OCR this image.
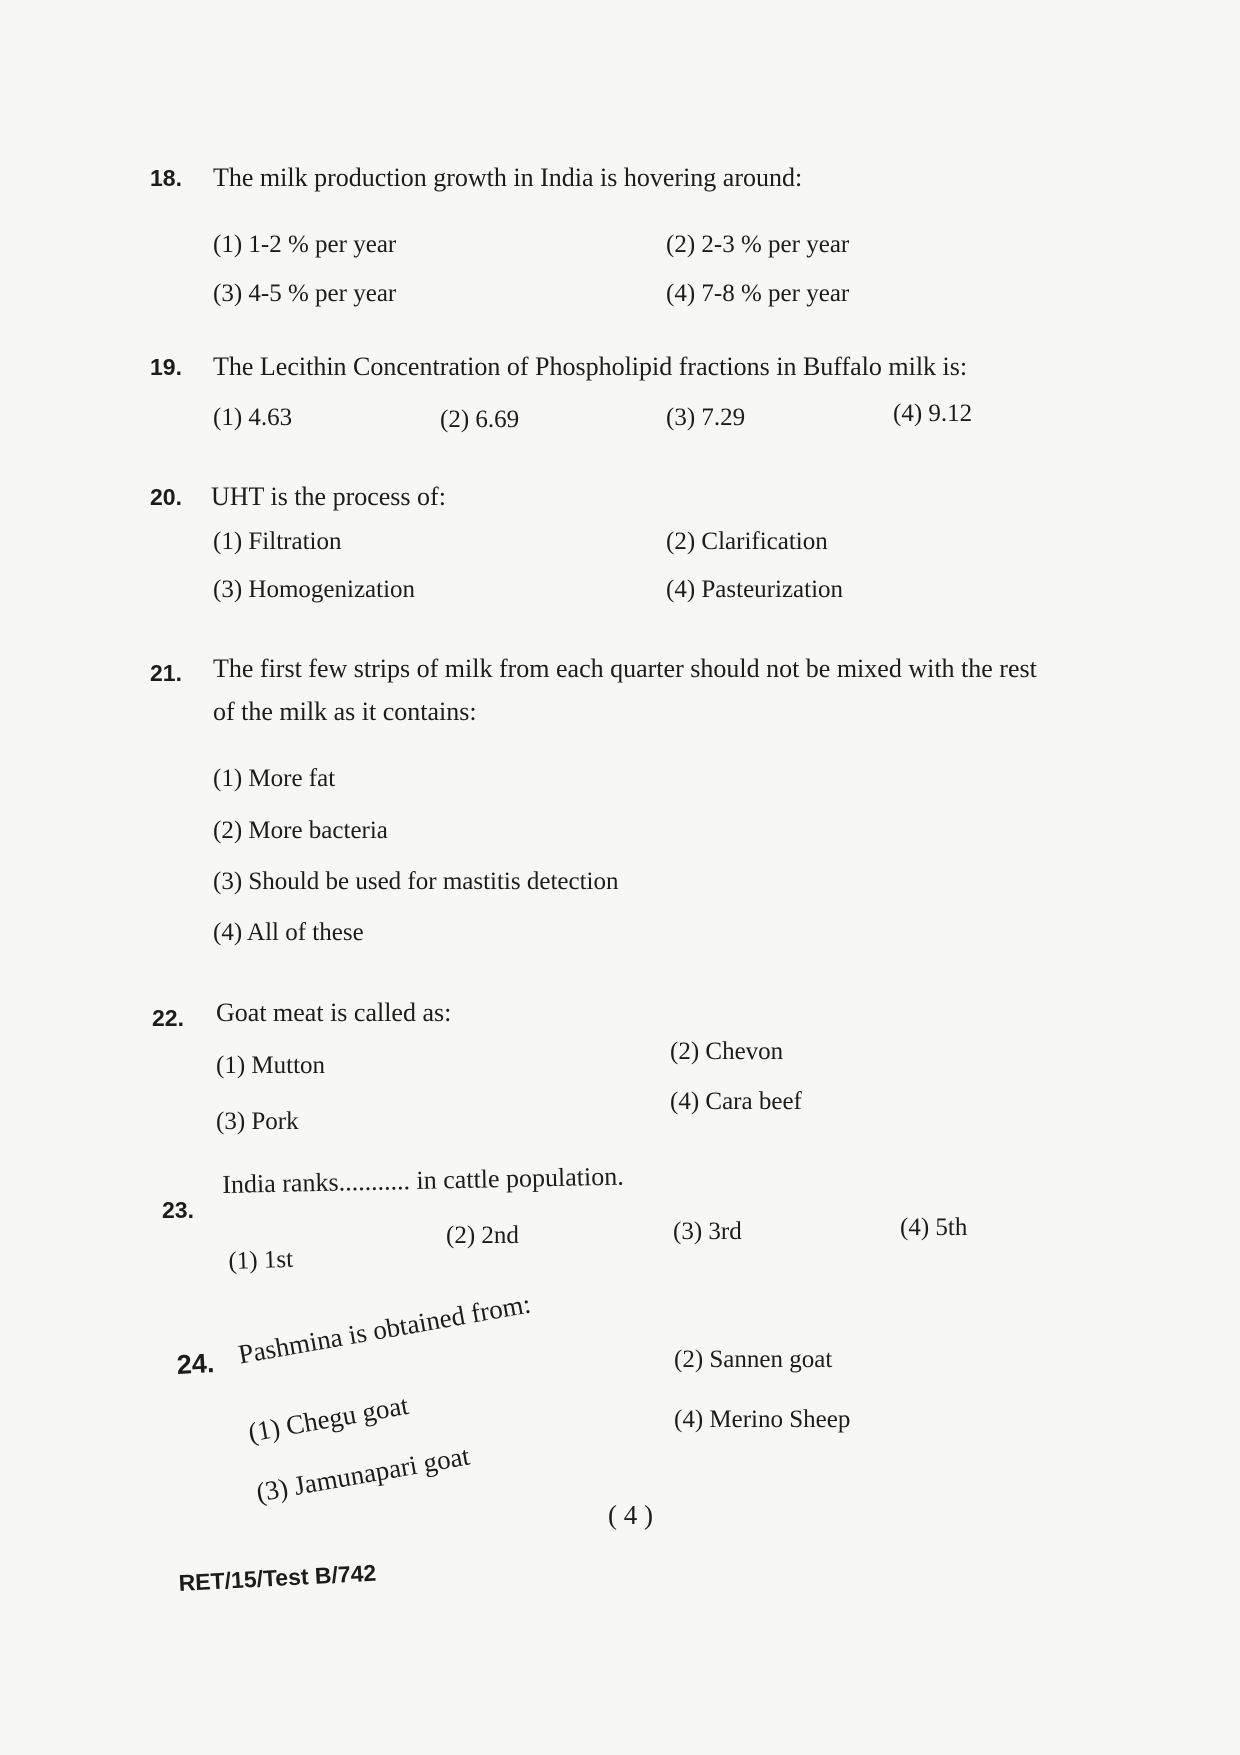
18. The milk production growth in India is hovering around:
(1) 1-2 % per year	(2) 2-3 % per year
(3) 4-5 % per year	(4) 7-8 % per year
19. The Lecithin Concentration of Phospholipid fractions in Buffalo milk is:
(1) 4.63	(2) 6.69	(3) 7.29	(4) 9.12
20. UHT is the process of:
(1) Filtration	(2) Clarification
(3) Homogenization	(4) Pasteurization
21. The first few strips of milk from each quarter should not be mixed with the rest
of the milk as it contains:
(1) More fat
(2) More bacteria
(3) Should be used for mastitis detection
(4) All of these
22. Goat meat is called as:
(1) Mutton
(2) Chevon
(3) Pork
(4) Cara beef
23.
India ranks........... in cattle population.
(1) 1st
(2) 2nd	(3) 3rd	(4) 5th
24. Pashmina is obtained from:
(1) Chegu goat
(2) Sannen goat
(3) Jamunapari goat
(4) Merino Sheep
( 4 )
RET/15/Test B/742
